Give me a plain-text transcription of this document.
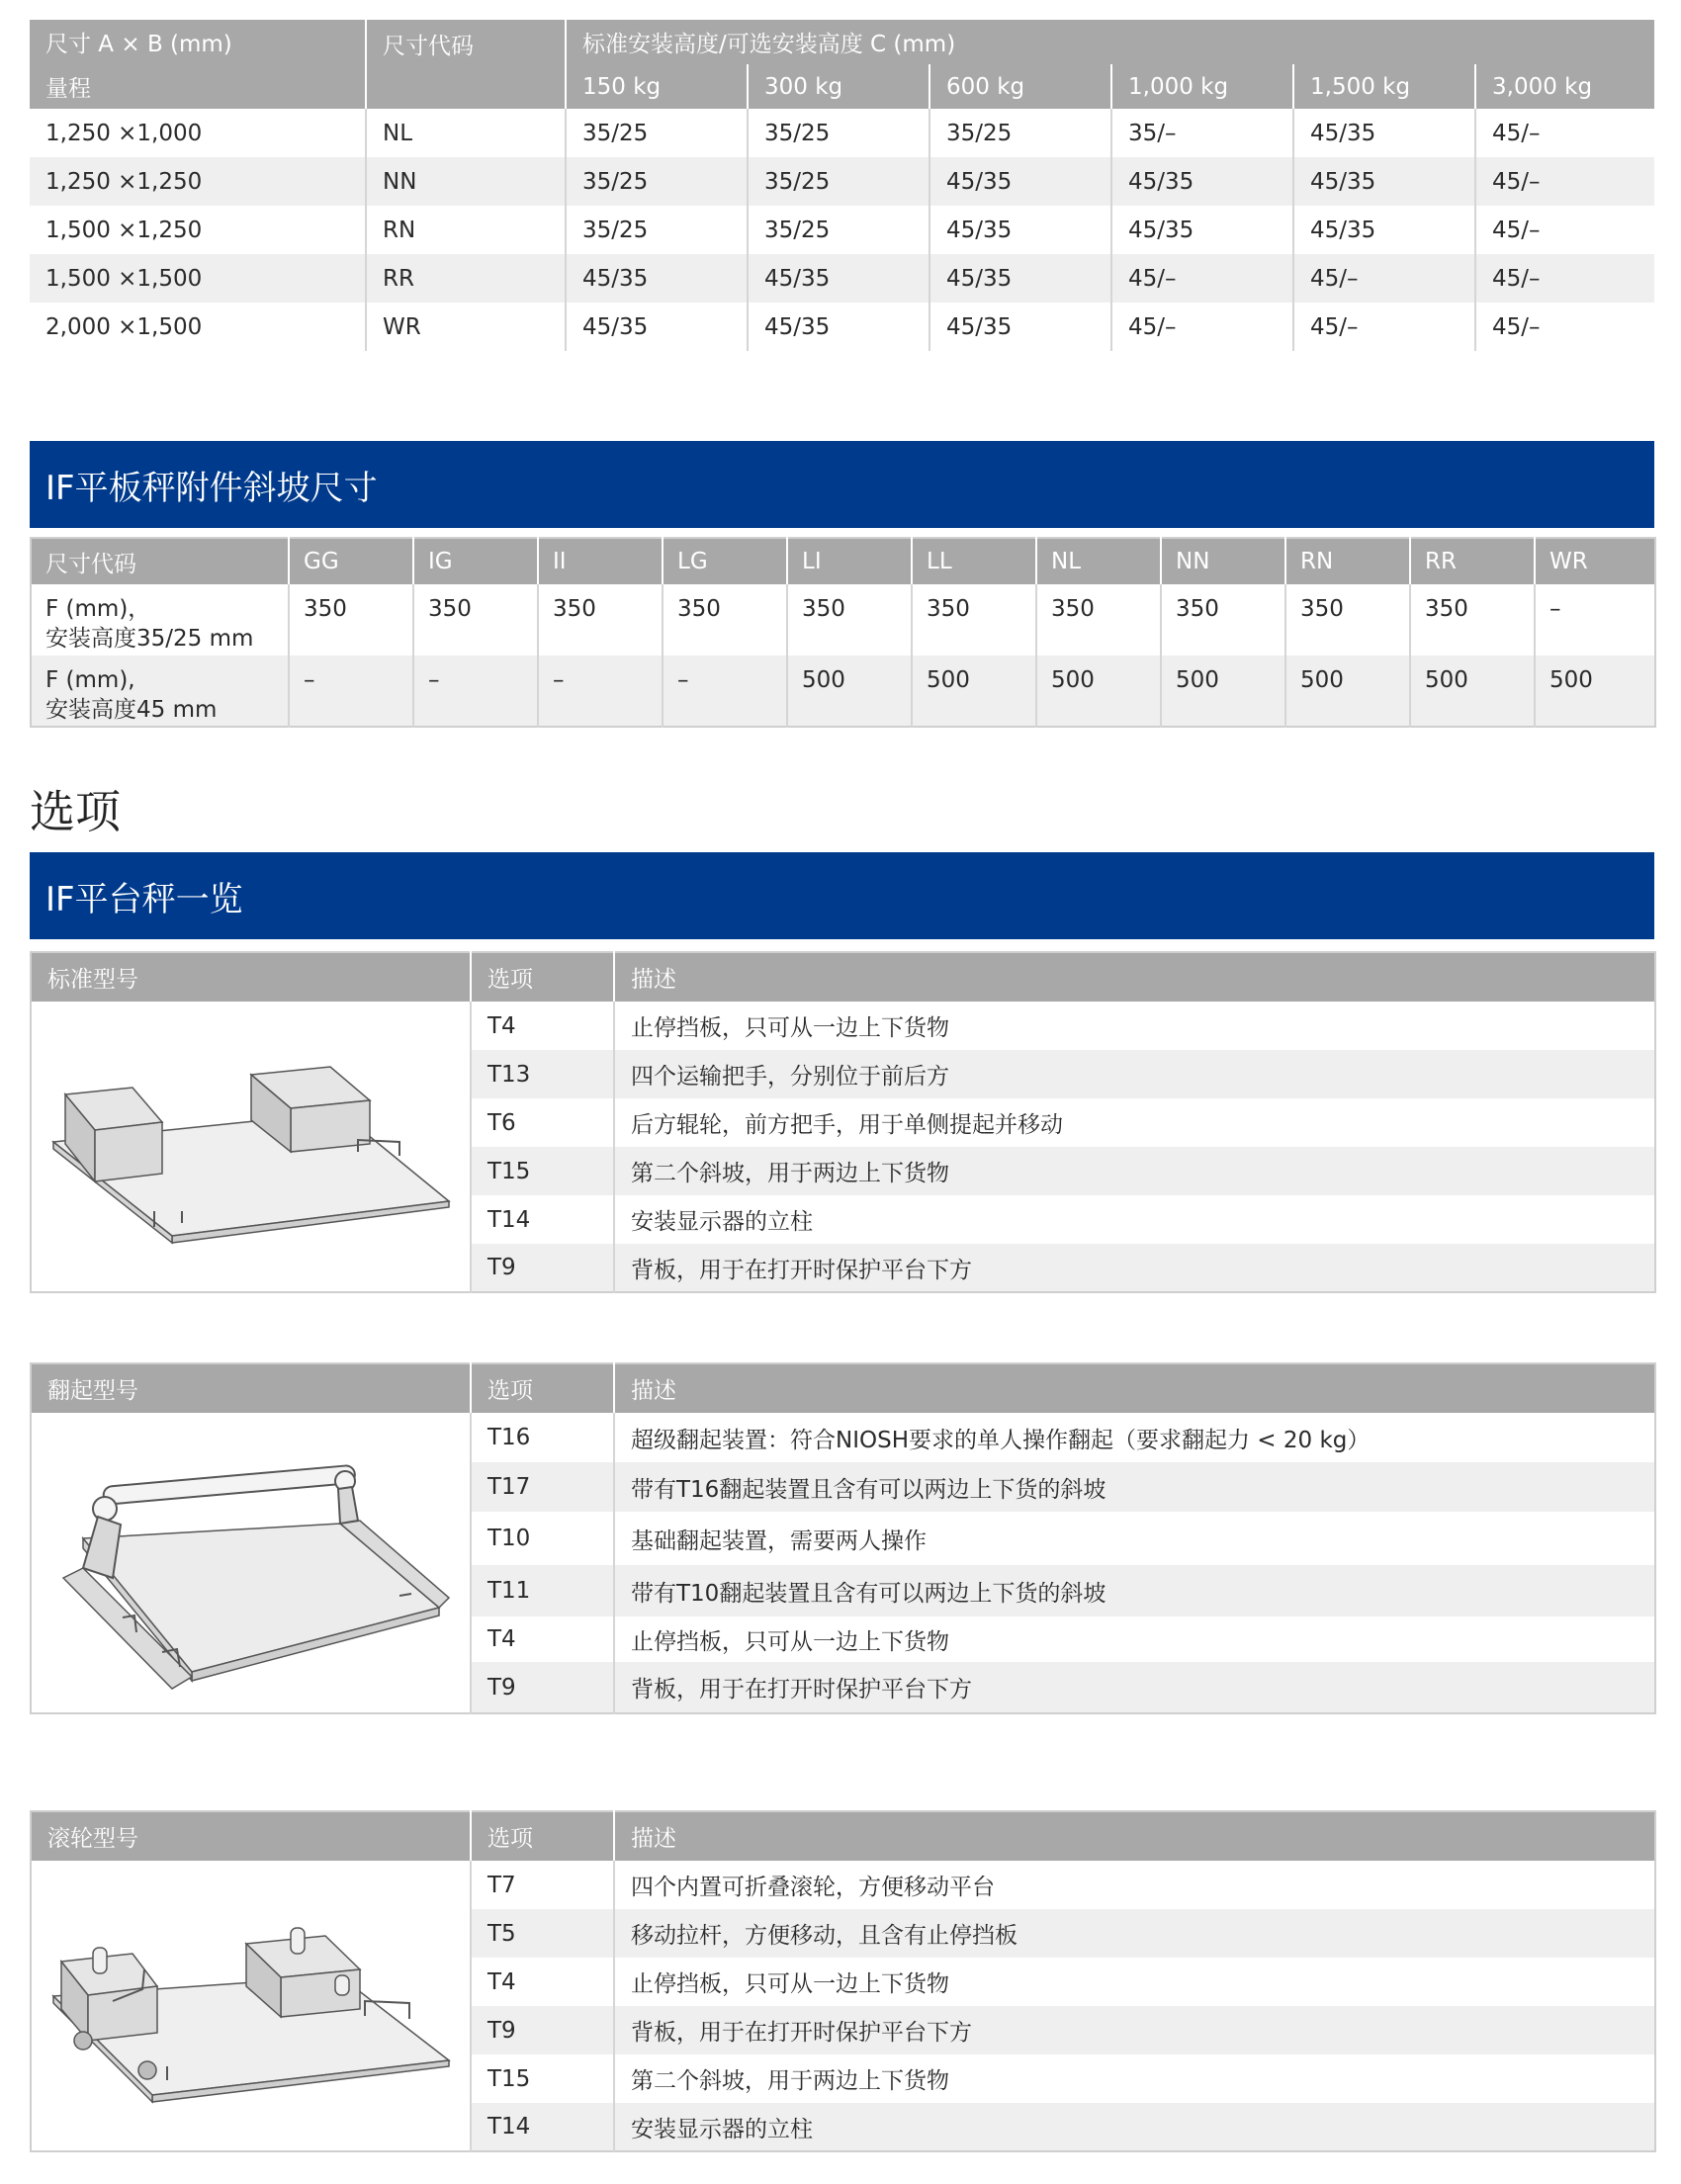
尺寸 A × B (mm)	尺寸代码	标准安装高度/可选安装高度 C (mm)					
量程		150 kg	300 kg	600 kg	1,000 kg	1,500 kg	3,000 kg
1,250 ×1,000	NL	35/25	35/25	35/25	35/–	45/35	45/–
1,250 ×1,250	NN	35/25	35/25	45/35	45/35	45/35	45/–
1,500 ×1,250	RN	35/25	35/25	45/35	45/35	45/35	45/–
1,500 ×1,500	RR	45/35	45/35	45/35	45/–	45/–	45/–
2,000 ×1,500	WR	45/35	45/35	45/35	45/–	45/–	45/–
IF平板秤附件斜坡尺寸
尺寸代码	GG	IG	II	LG	LI	LL	NL	NN	RN	RR	WR

F (mm)，
安装高度35/25 mm	350	350	350	350	350	350	350	350	350	350	–

F (mm),
安装高度45 mm	–	–	–	–	500	500	500	500	500	500	500
选项
IF平台秤一览
标准型号	选项	描述

	T4	止停挡板，只可从一边上下货物
	T13	四个运输把手，分别位于前后方
	T6	后方辊轮，前方把手，用于单侧提起并移动
	T15	第二个斜坡，用于两边上下货物
	T14	安装显示器的立柱
	T9	背板，用于在打开时保护平台下方
翻起型号	选项	描述

	T16	超级翻起装置：符合NIOSH要求的单人操作翻起（要求翻起力 < 20 kg）
	T17	带有T16翻起装置且含有可以两边上下货的斜坡
	T10	基础翻起装置，需要两人操作
	T11	带有T10翻起装置且含有可以两边上下货的斜坡
	T4	止停挡板，只可从一边上下货物
	T9	背板，用于在打开时保护平台下方
滚轮型号	选项	描述

	T7	四个内置可折叠滚轮，方便移动平台
	T5	移动拉杆，方便移动，且含有止停挡板
	T4	止停挡板，只可从一边上下货物
	T9	背板，用于在打开时保护平台下方
	T15	第二个斜坡，用于两边上下货物
	T14	安装显示器的立柱
